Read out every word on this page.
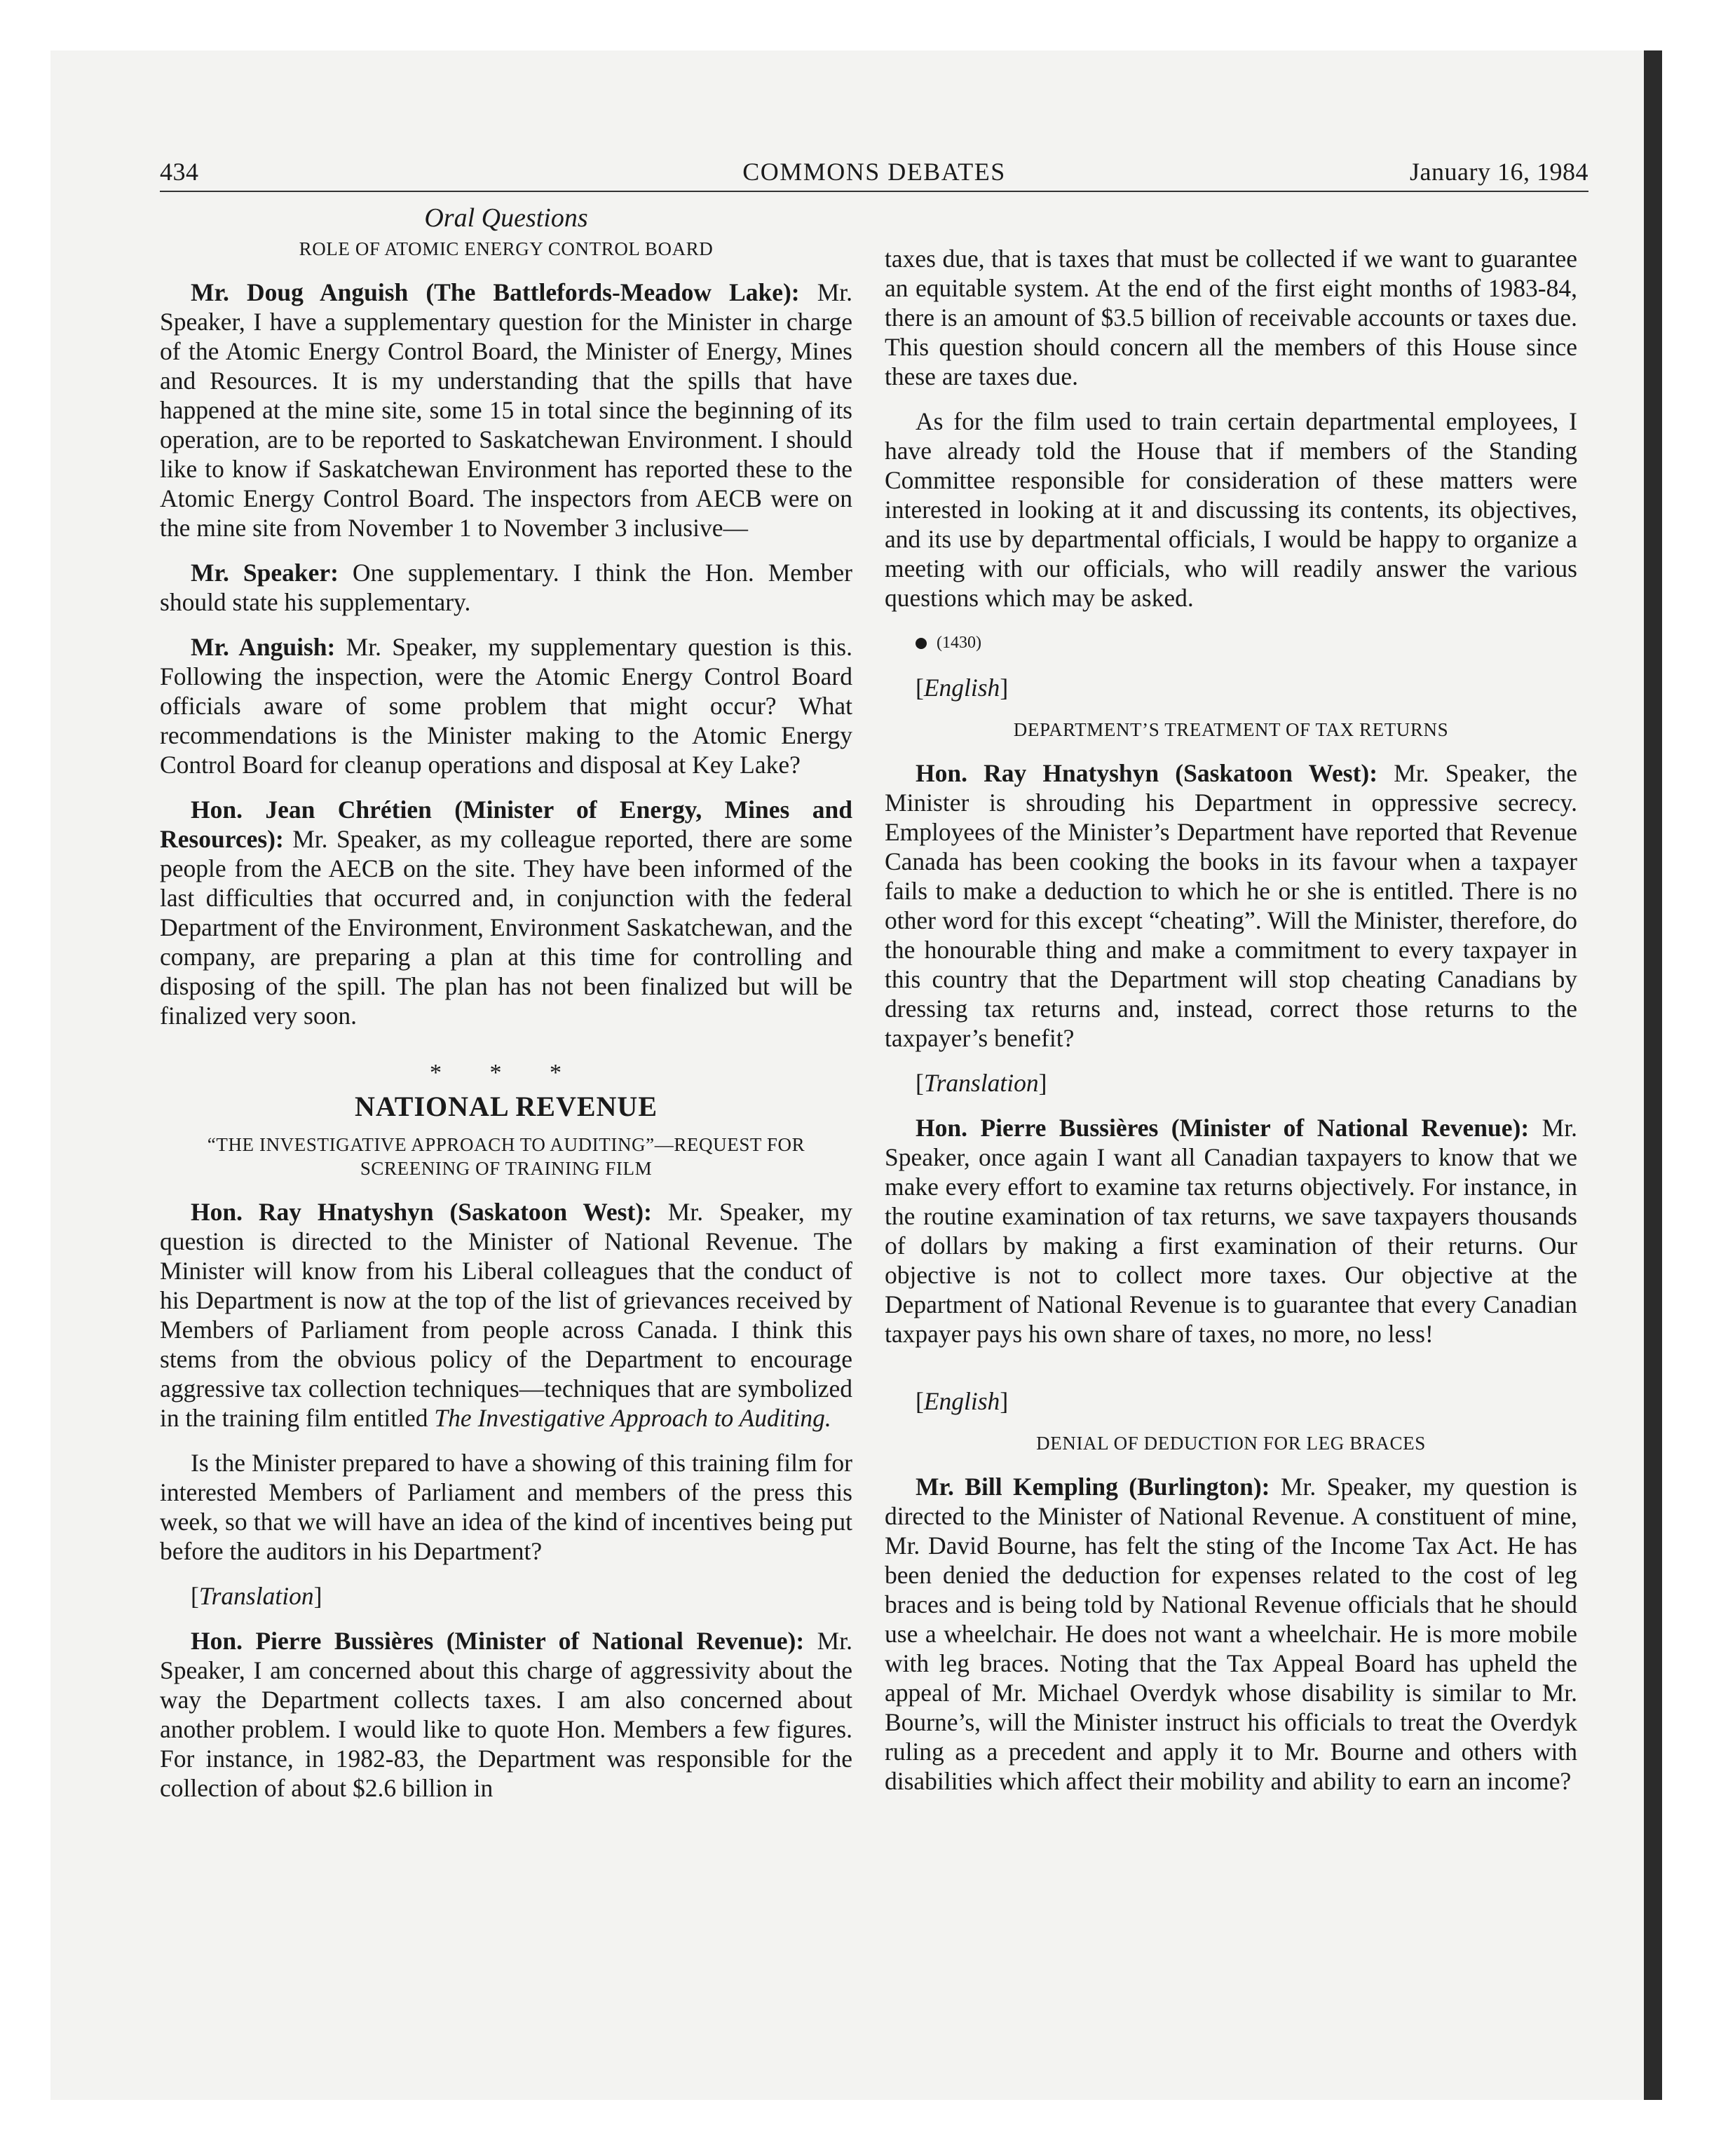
434	COMMONS DEBATES	January 16, 1984
Oral Questions
ROLE OF ATOMIC ENERGY CONTROL BOARD

Mr. Doug Anguish (The Battlefords-Meadow Lake): Mr. Speaker, I have a supplementary question for the Minister in charge of the Atomic Energy Control Board, the Minister of Energy, Mines and Resources. It is my understanding that the spills that have happened at the mine site, some 15 in total since the beginning of its operation, are to be reported to Saskatchewan Environment. I should like to know if Saskatchewan Environment has reported these to the Atomic Energy Control Board. The inspectors from AECB were on the mine site from November 1 to November 3 inclusive—

Mr. Speaker: One supplementary. I think the Hon. Member should state his supplementary.

Mr. Anguish: Mr. Speaker, my supplementary question is this. Following the inspection, were the Atomic Energy Control Board officials aware of some problem that might occur? What recommendations is the Minister making to the Atomic Energy Control Board for cleanup operations and disposal at Key Lake?

Hon. Jean Chrétien (Minister of Energy, Mines and Resources): Mr. Speaker, as my colleague reported, there are some people from the AECB on the site. They have been informed of the last difficulties that occurred and, in conjunction with the federal Department of the Environment, Environment Saskatchewan, and the company, are preparing a plan at this time for controlling and disposing of the spill. The plan has not been finalized but will be finalized very soon.

* * *
NATIONAL REVENUE
“THE INVESTIGATIVE APPROACH TO AUDITING”—REQUEST FOR SCREENING OF TRAINING FILM

Hon. Ray Hnatyshyn (Saskatoon West): Mr. Speaker, my question is directed to the Minister of National Revenue. The Minister will know from his Liberal colleagues that the conduct of his Department is now at the top of the list of grievances received by Members of Parliament from people across Canada. I think this stems from the obvious policy of the Department to encourage aggressive tax collection techniques—techniques that are symbolized in the training film entitled The Investigative Approach to Auditing.

Is the Minister prepared to have a showing of this training film for interested Members of Parliament and members of the press this week, so that we will have an idea of the kind of incentives being put before the auditors in his Department?

[Translation]

Hon. Pierre Bussières (Minister of National Revenue): Mr. Speaker, I am concerned about this charge of aggressivity about the way the Department collects taxes. I am also concerned about another problem. I would like to quote Hon. Members a few figures. For instance, in 1982-83, the Department was responsible for the collection of about $2.6 billion in

taxes due, that is taxes that must be collected if we want to guarantee an equitable system. At the end of the first eight months of 1983-84, there is an amount of $3.5 billion of receivable accounts or taxes due. This question should concern all the members of this House since these are taxes due.

As for the film used to train certain departmental employees, I have already told the House that if members of the Standing Committee responsible for consideration of these matters were interested in looking at it and discussing its contents, its objectives, and its use by departmental officials, I would be happy to organize a meeting with our officials, who will readily answer the various questions which may be asked.

(1430)

[English]

DEPARTMENT’S TREATMENT OF TAX RETURNS

Hon. Ray Hnatyshyn (Saskatoon West): Mr. Speaker, the Minister is shrouding his Department in oppressive secrecy. Employees of the Minister’s Department have reported that Revenue Canada has been cooking the books in its favour when a taxpayer fails to make a deduction to which he or she is entitled. There is no other word for this except “cheating”. Will the Minister, therefore, do the honourable thing and make a commitment to every taxpayer in this country that the Department will stop cheating Canadians by dressing tax returns and, instead, correct those returns to the taxpayer’s benefit?

[Translation]

Hon. Pierre Bussières (Minister of National Revenue): Mr. Speaker, once again I want all Canadian taxpayers to know that we make every effort to examine tax returns objectively. For instance, in the routine examination of tax returns, we save taxpayers thousands of dollars by making a first examination of their returns. Our objective is not to collect more taxes. Our objective at the Department of National Revenue is to guarantee that every Canadian taxpayer pays his own share of taxes, no more, no less!

[English]

DENIAL OF DEDUCTION FOR LEG BRACES

Mr. Bill Kempling (Burlington): Mr. Speaker, my question is directed to the Minister of National Revenue. A constituent of mine, Mr. David Bourne, has felt the sting of the Income Tax Act. He has been denied the deduction for expenses related to the cost of leg braces and is being told by National Revenue officials that he should use a wheelchair. He does not want a wheelchair. He is more mobile with leg braces. Noting that the Tax Appeal Board has upheld the appeal of Mr. Michael Overdyk whose disability is similar to Mr. Bourne’s, will the Minister instruct his officials to treat the Overdyk ruling as a precedent and apply it to Mr. Bourne and others with disabilities which affect their mobility and ability to earn an income?
